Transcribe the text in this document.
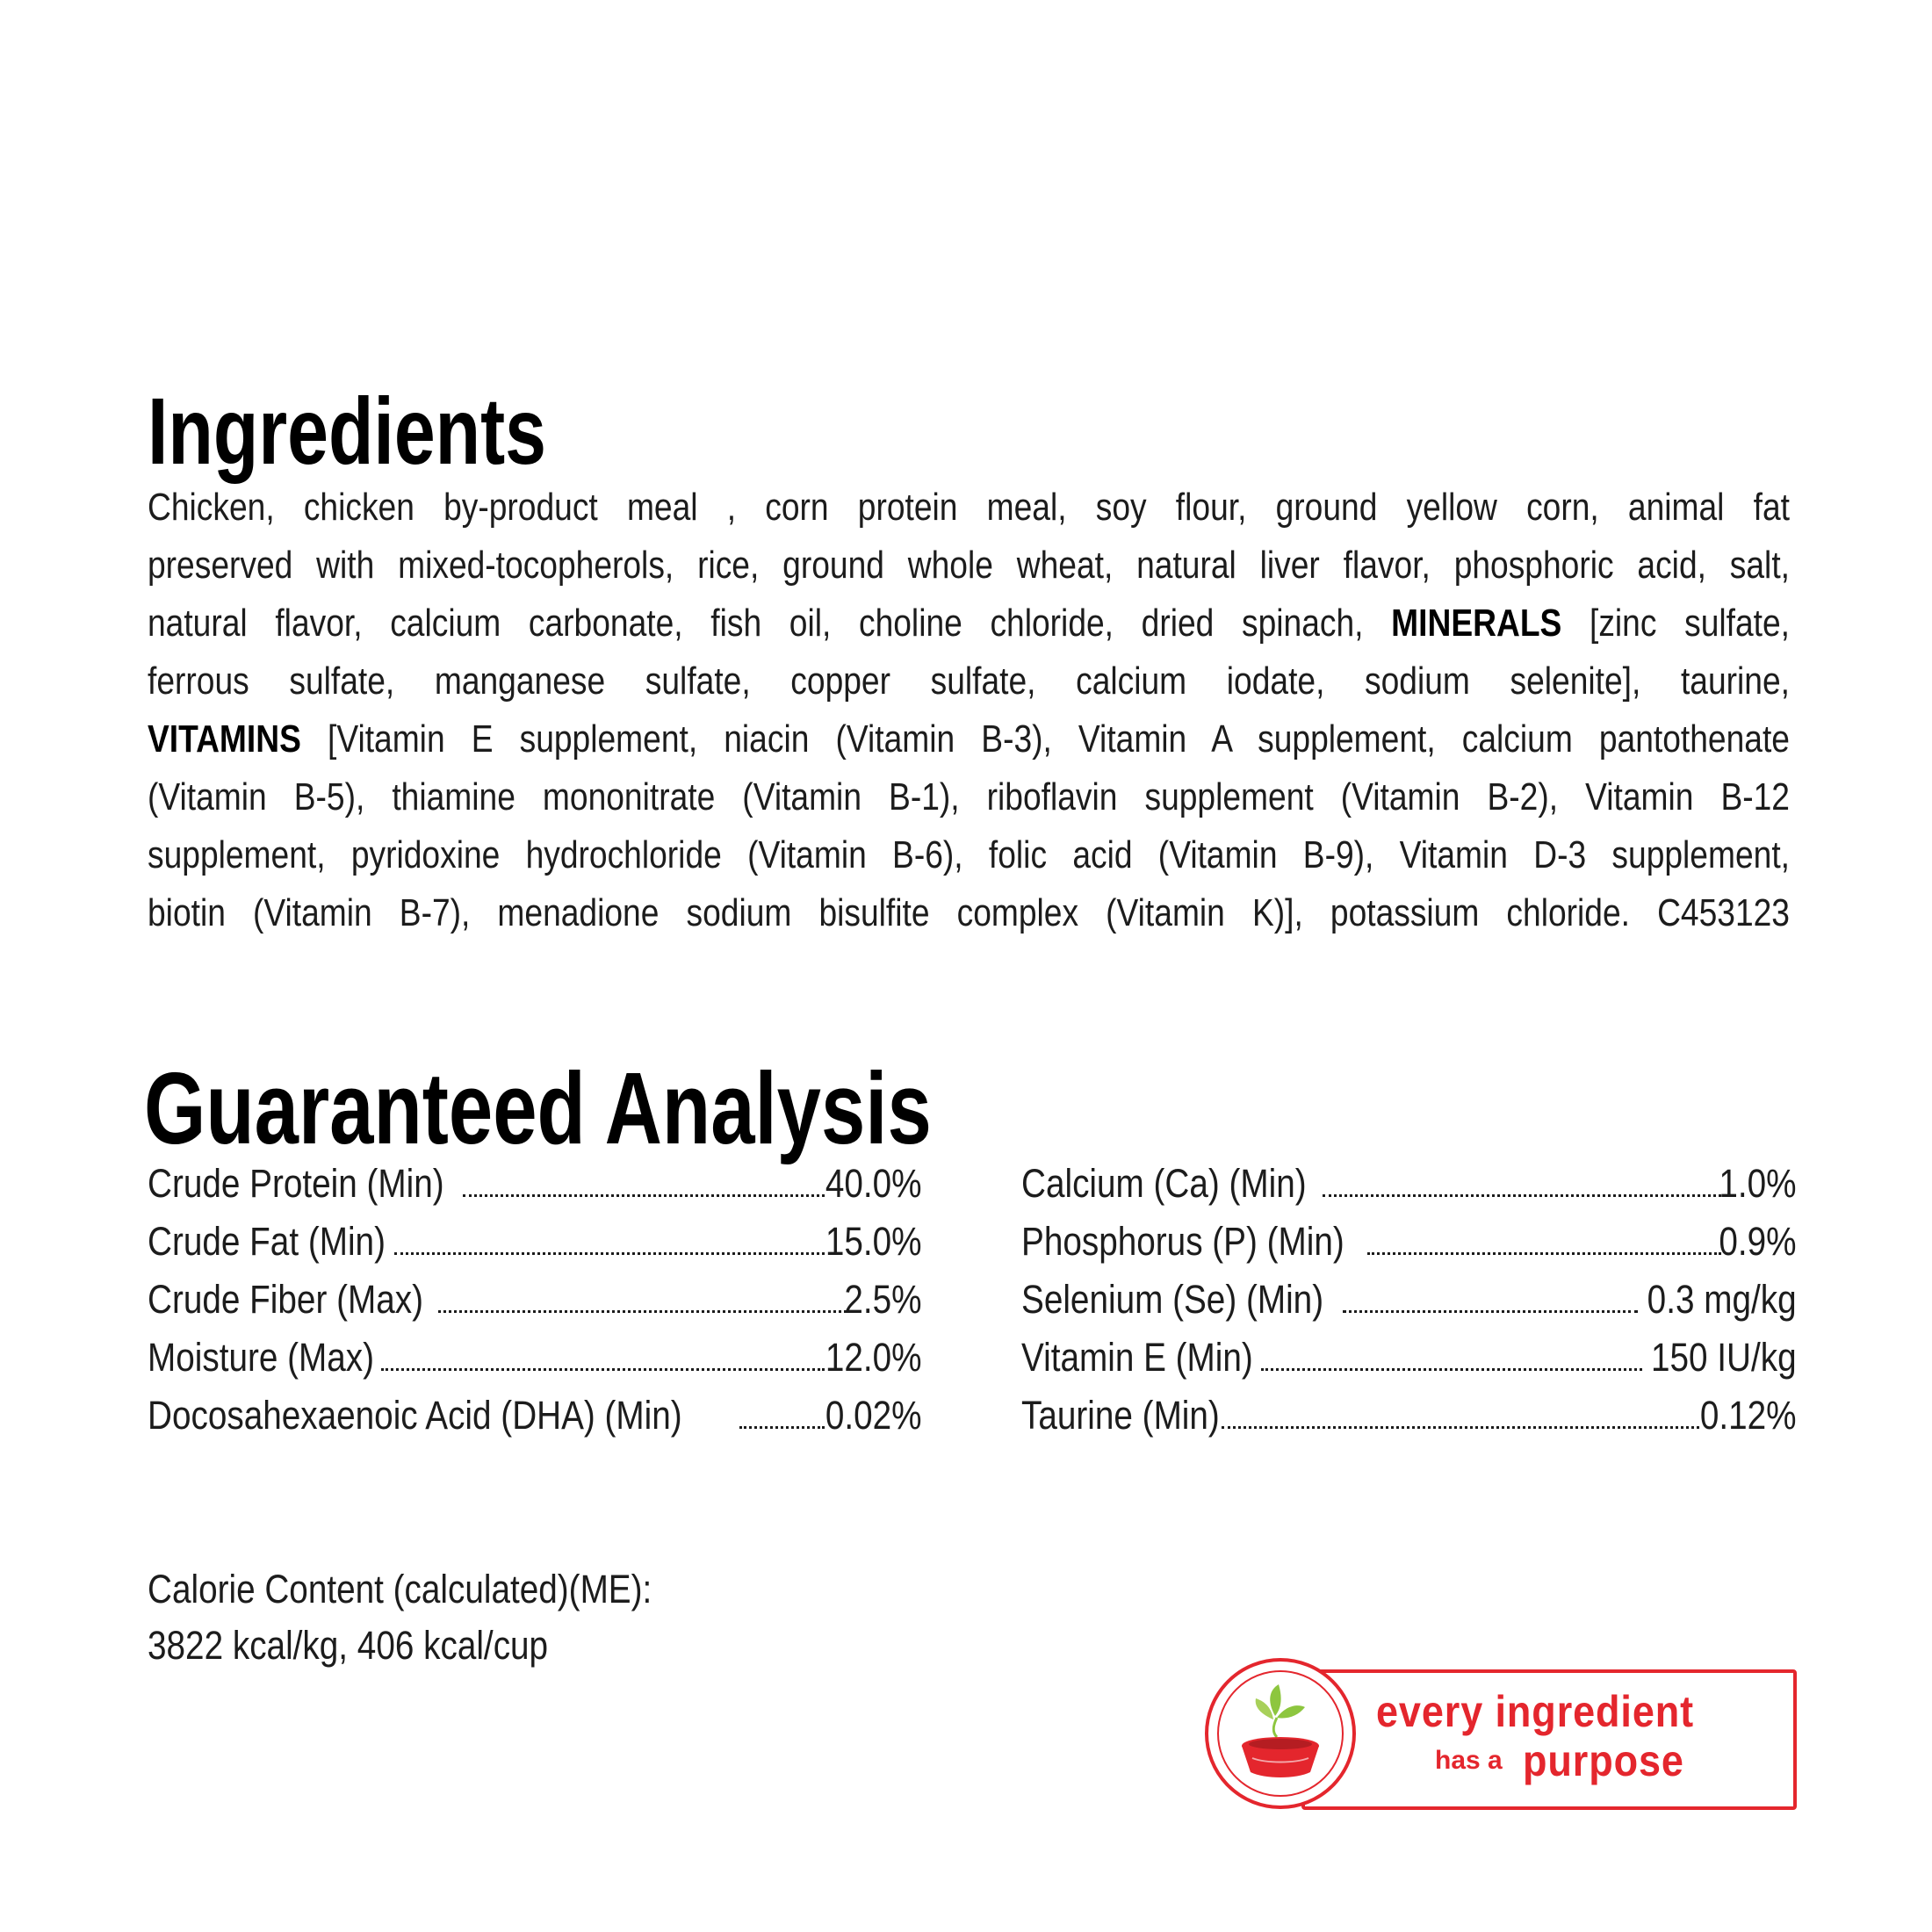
Ingredients
Chicken, chicken by-product meal , corn protein meal, soy flour, ground yellow corn, animal fat
preserved with mixed-tocopherols, rice, ground whole wheat, natural liver flavor, phosphoric acid, salt,
natural flavor, calcium carbonate, fish oil, choline chloride, dried spinach, MINERALS [zinc sulfate,
ferrous sulfate, manganese sulfate, copper sulfate, calcium iodate, sodium selenite], taurine,
VITAMINS [Vitamin E supplement, niacin (Vitamin B-3), Vitamin A supplement, calcium pantothenate
(Vitamin B-5), thiamine mononitrate (Vitamin B-1), riboflavin supplement (Vitamin B-2), Vitamin B-12
supplement, pyridoxine hydrochloride (Vitamin B-6), folic acid (Vitamin B-9), Vitamin D-3 supplement,
biotin (Vitamin B-7), menadione sodium bisulfite complex (Vitamin K)], potassium chloride. C453123
Guaranteed Analysis
Crude Protein (Min)	40.0%
Crude Fat (Min)	15.0%
Crude Fiber (Max)	2.5%
Moisture (Max)	12.0%
Docosahexaenoic Acid (DHA) (Min)	0.02%
Calcium (Ca) (Min)	1.0%
Phosphorus (P) (Min)	0.9%
Selenium (Se) (Min)	0.3 mg/kg
Vitamin E (Min)	150 IU/kg
Taurine (Min)	0.12%
Calorie Content (calculated)(ME):
3822 kcal/kg, 406 kcal/cup
every ingredient
has a purpose
